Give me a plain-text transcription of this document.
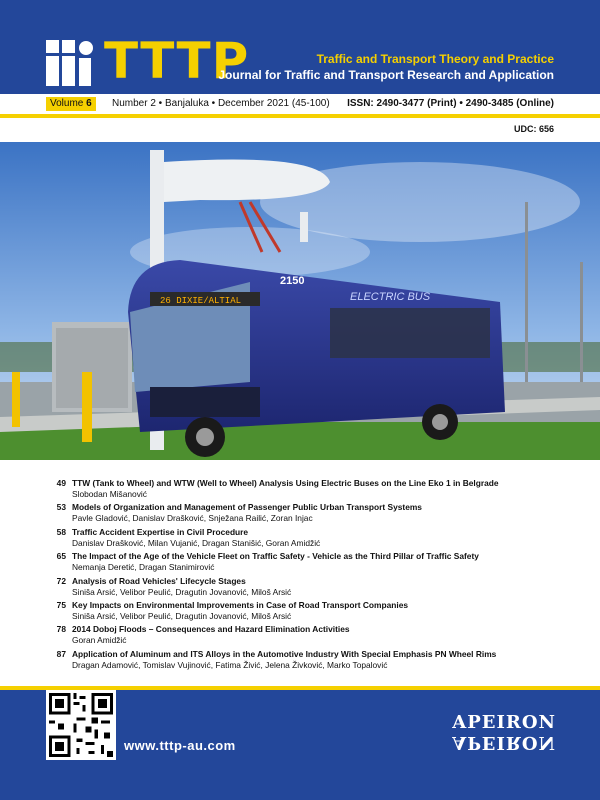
TTTP	Traffic and Transport Theory and Practice
Journal for Traffic and Transport Research and Application
Volume 6	Number 2 • Banjaluka • December 2021 (45-100) ISSN: 2490-3477 (Print) • 2490-3485 (Online)
UDC: 656
2150
ELECTRIC BUS
26 DIXIE/ALTIAL
49 TTW (Tank to Wheel) and WTW (Well to Wheel) Analysis Using Electric Buses on the Line Eko 1 in Belgrade
Slobodan Mišanović
53 Models of Organization and Management of Passenger Public Urban Transport Systems
Pavle Gladović, Danislav Drašković, Snježana Railić, Zoran Injac
58 Traffic Accident Expertise in Civil Procedure
Danislav Drašković, Milan Vujanić, Dragan Stanišić, Goran Amidžić
65 The Impact of the Age of the Vehicle Fleet on Traffic Safety - Vehicle as the Third Pillar of Traffic Safety
Nemanja Deretić, Dragan Stanimirović
72 Analysis of Road Vehicles' Lifecycle Stages
Siniša Arsić, Velibor Peulić, Dragutin Jovanović, Miloš Arsić
75 Key Impacts on Environmental Improvements in Case of Road Transport Companies
Siniša Arsić, Velibor Peulić, Dragutin Jovanović, Miloš Arsić
78 2014 Doboj Floods – Consequences and Hazard Elimination Activities
Goran Amidžić
87 Application of Aluminum and ITS Alloys in the Automotive Industry With Special Emphasis PN Wheel Rims
Dragan Adamović, Tomislav Vujinović, Fatima Živić, Jelena Živković, Marko Topalović
www.tttp-au.com
APEIRON
APEIRON
